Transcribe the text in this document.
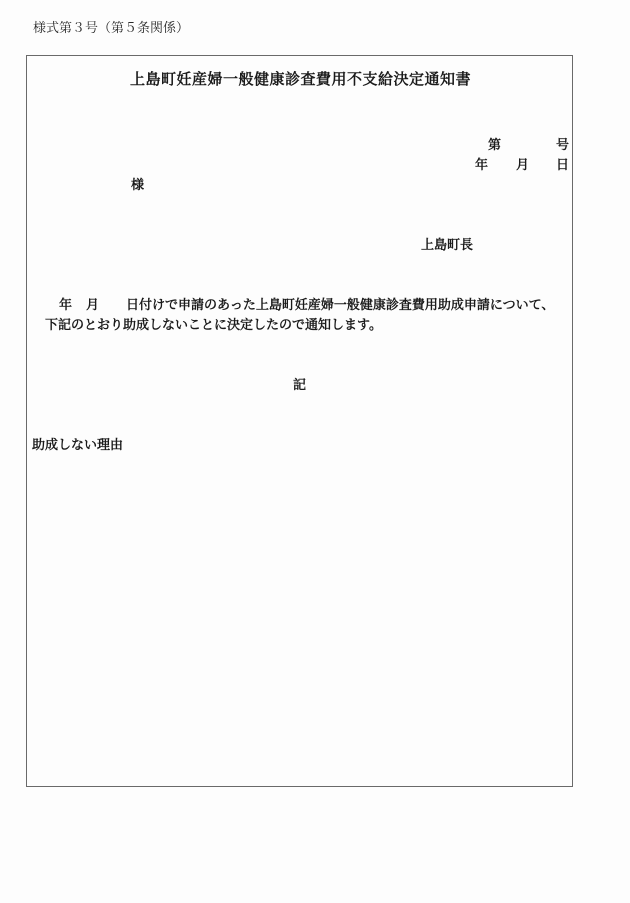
様式第３号（第５条関係）
上島町妊産婦一般健康診査費用不支給決定通知書
第	号
年 月 日
様
上島町長
年 月 日付けで申請のあった上島町妊産婦一般健康診査費用助成申請について、
下記のとおり助成しないことに決定したので通知します。
記
助成しない理由
